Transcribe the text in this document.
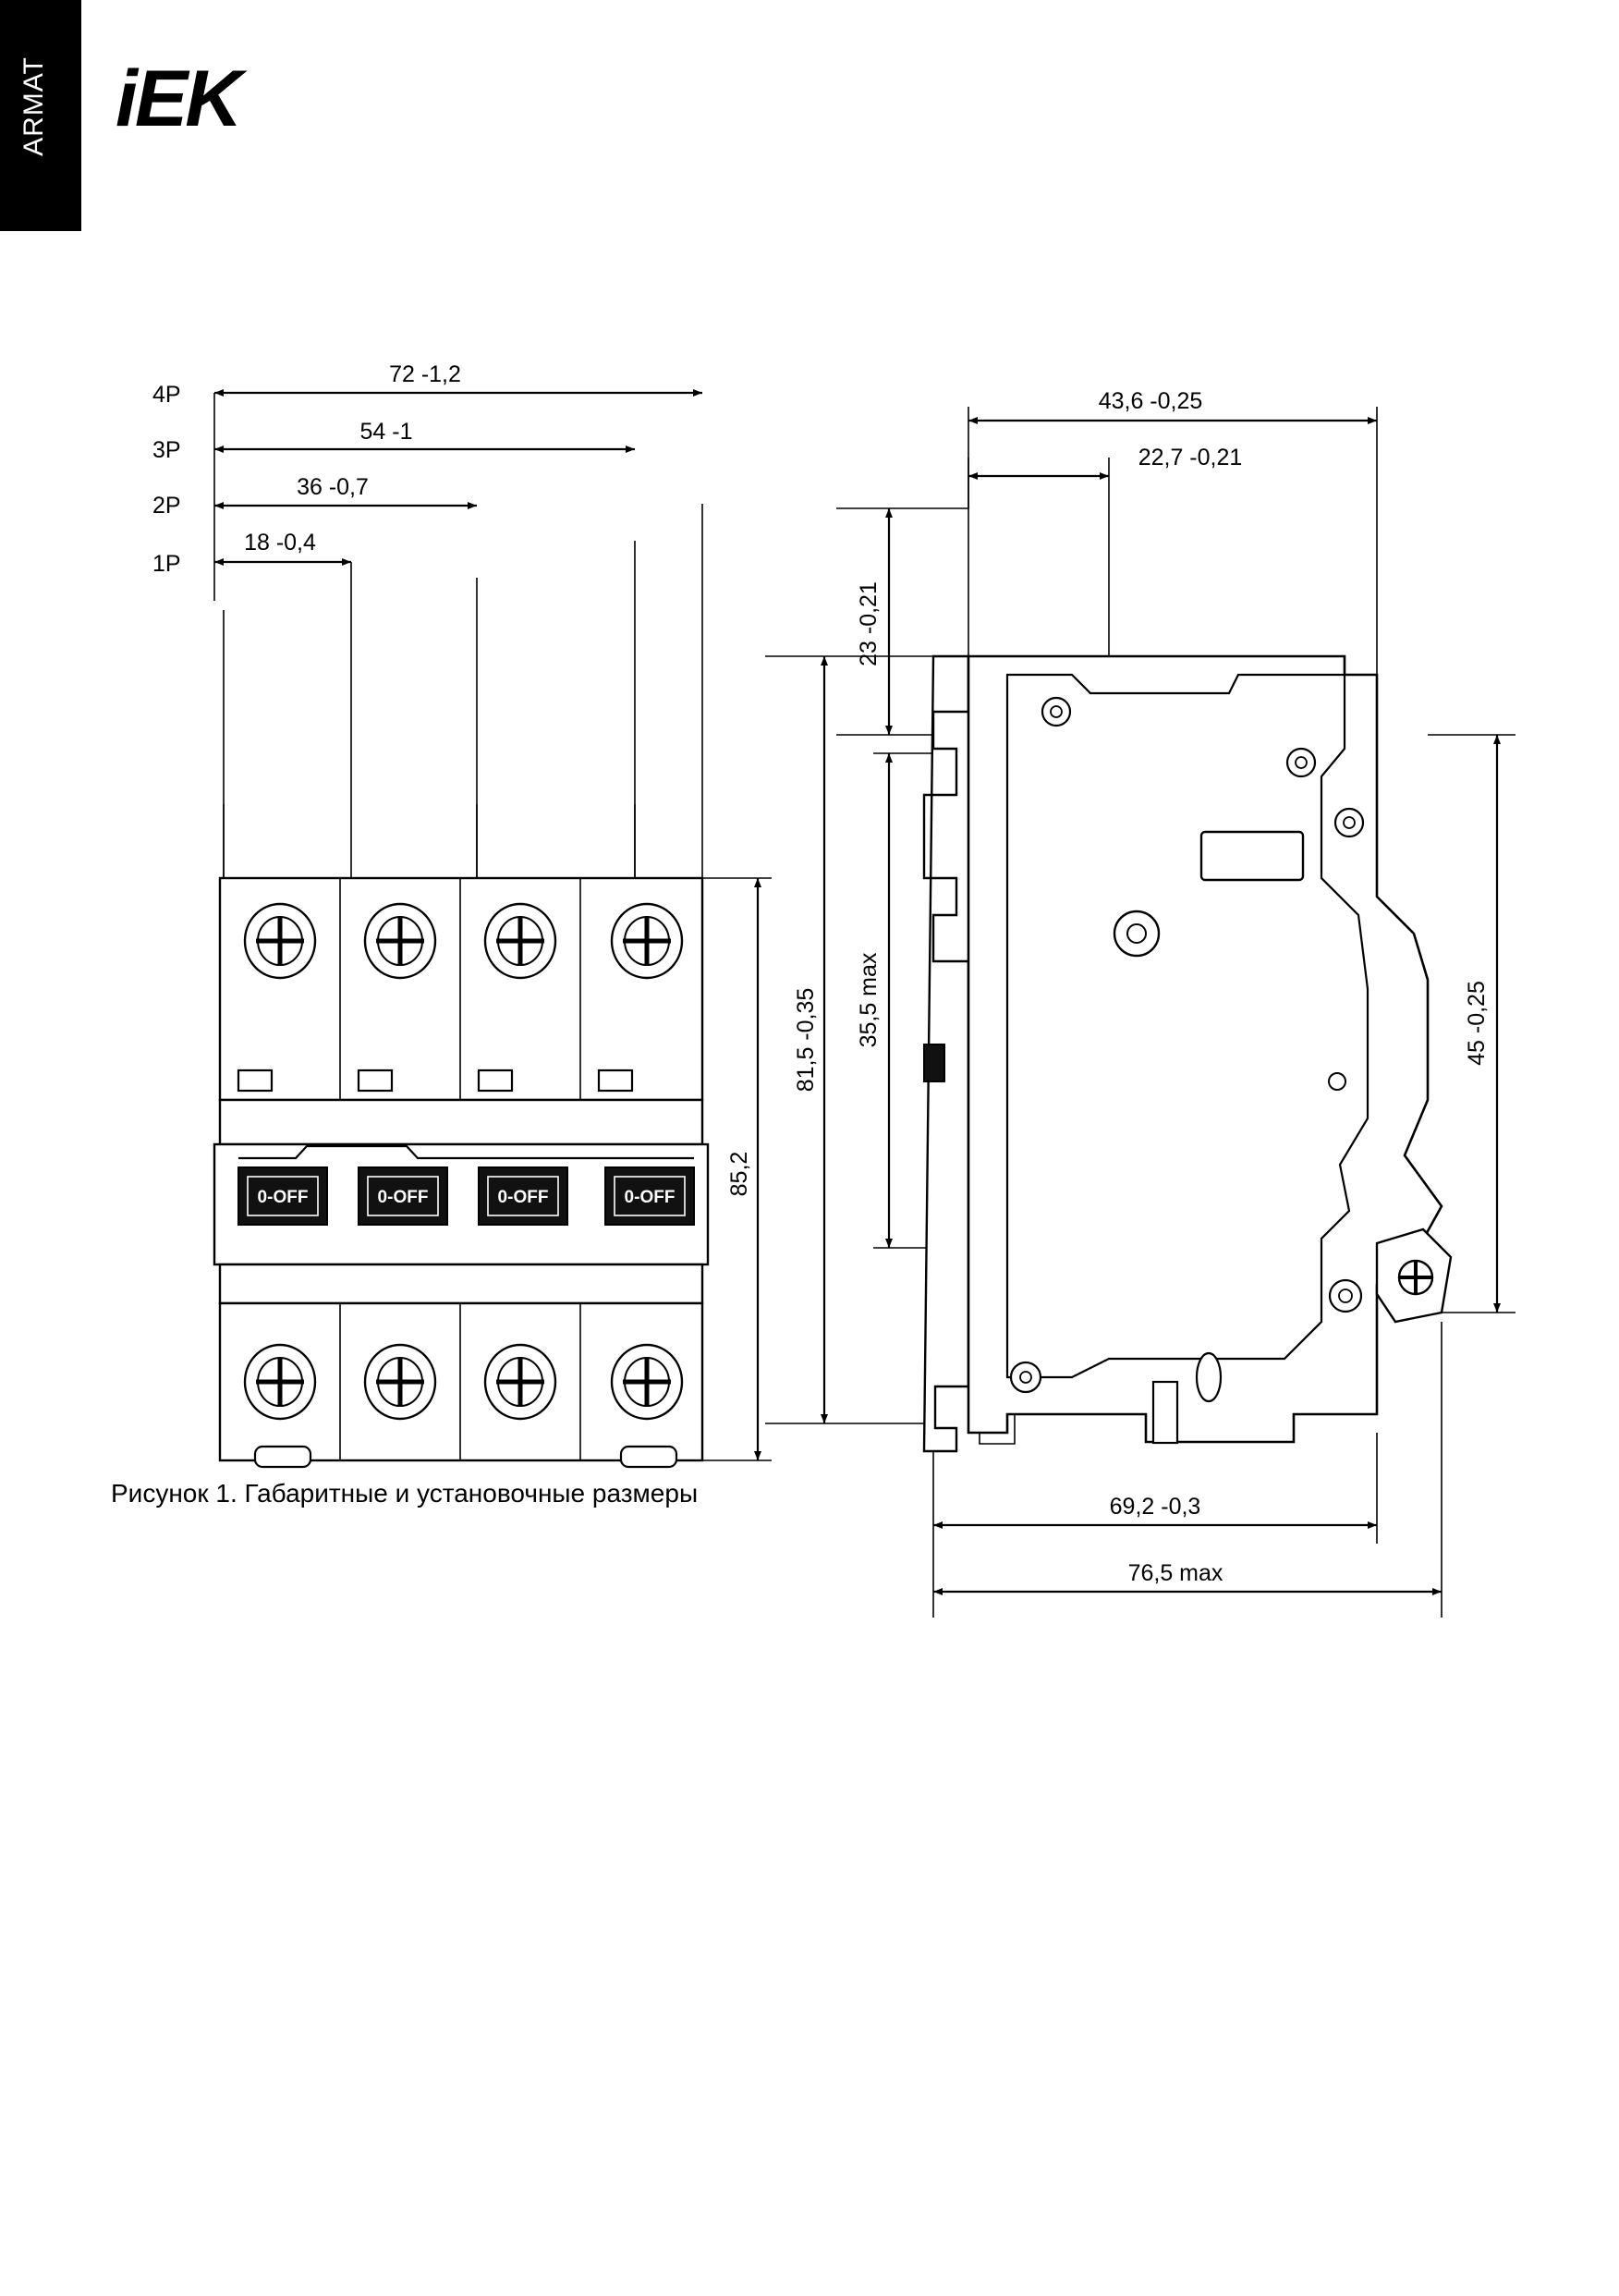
ARMAT iEK
4P
3P
2P
1P
72 -1,2
54 -1
36 -0,7
18 -0,4
0-OFF	0-OFF	0-OFF	0-OFF
85,2
43,6 -0,25
22,7 -0,21
23 -0,21
81,5 -0,35 35,5 max	45 -0,25
69,2 -0,3
76,5 max
Рисунок 1. Габаритные и установочные размеры
